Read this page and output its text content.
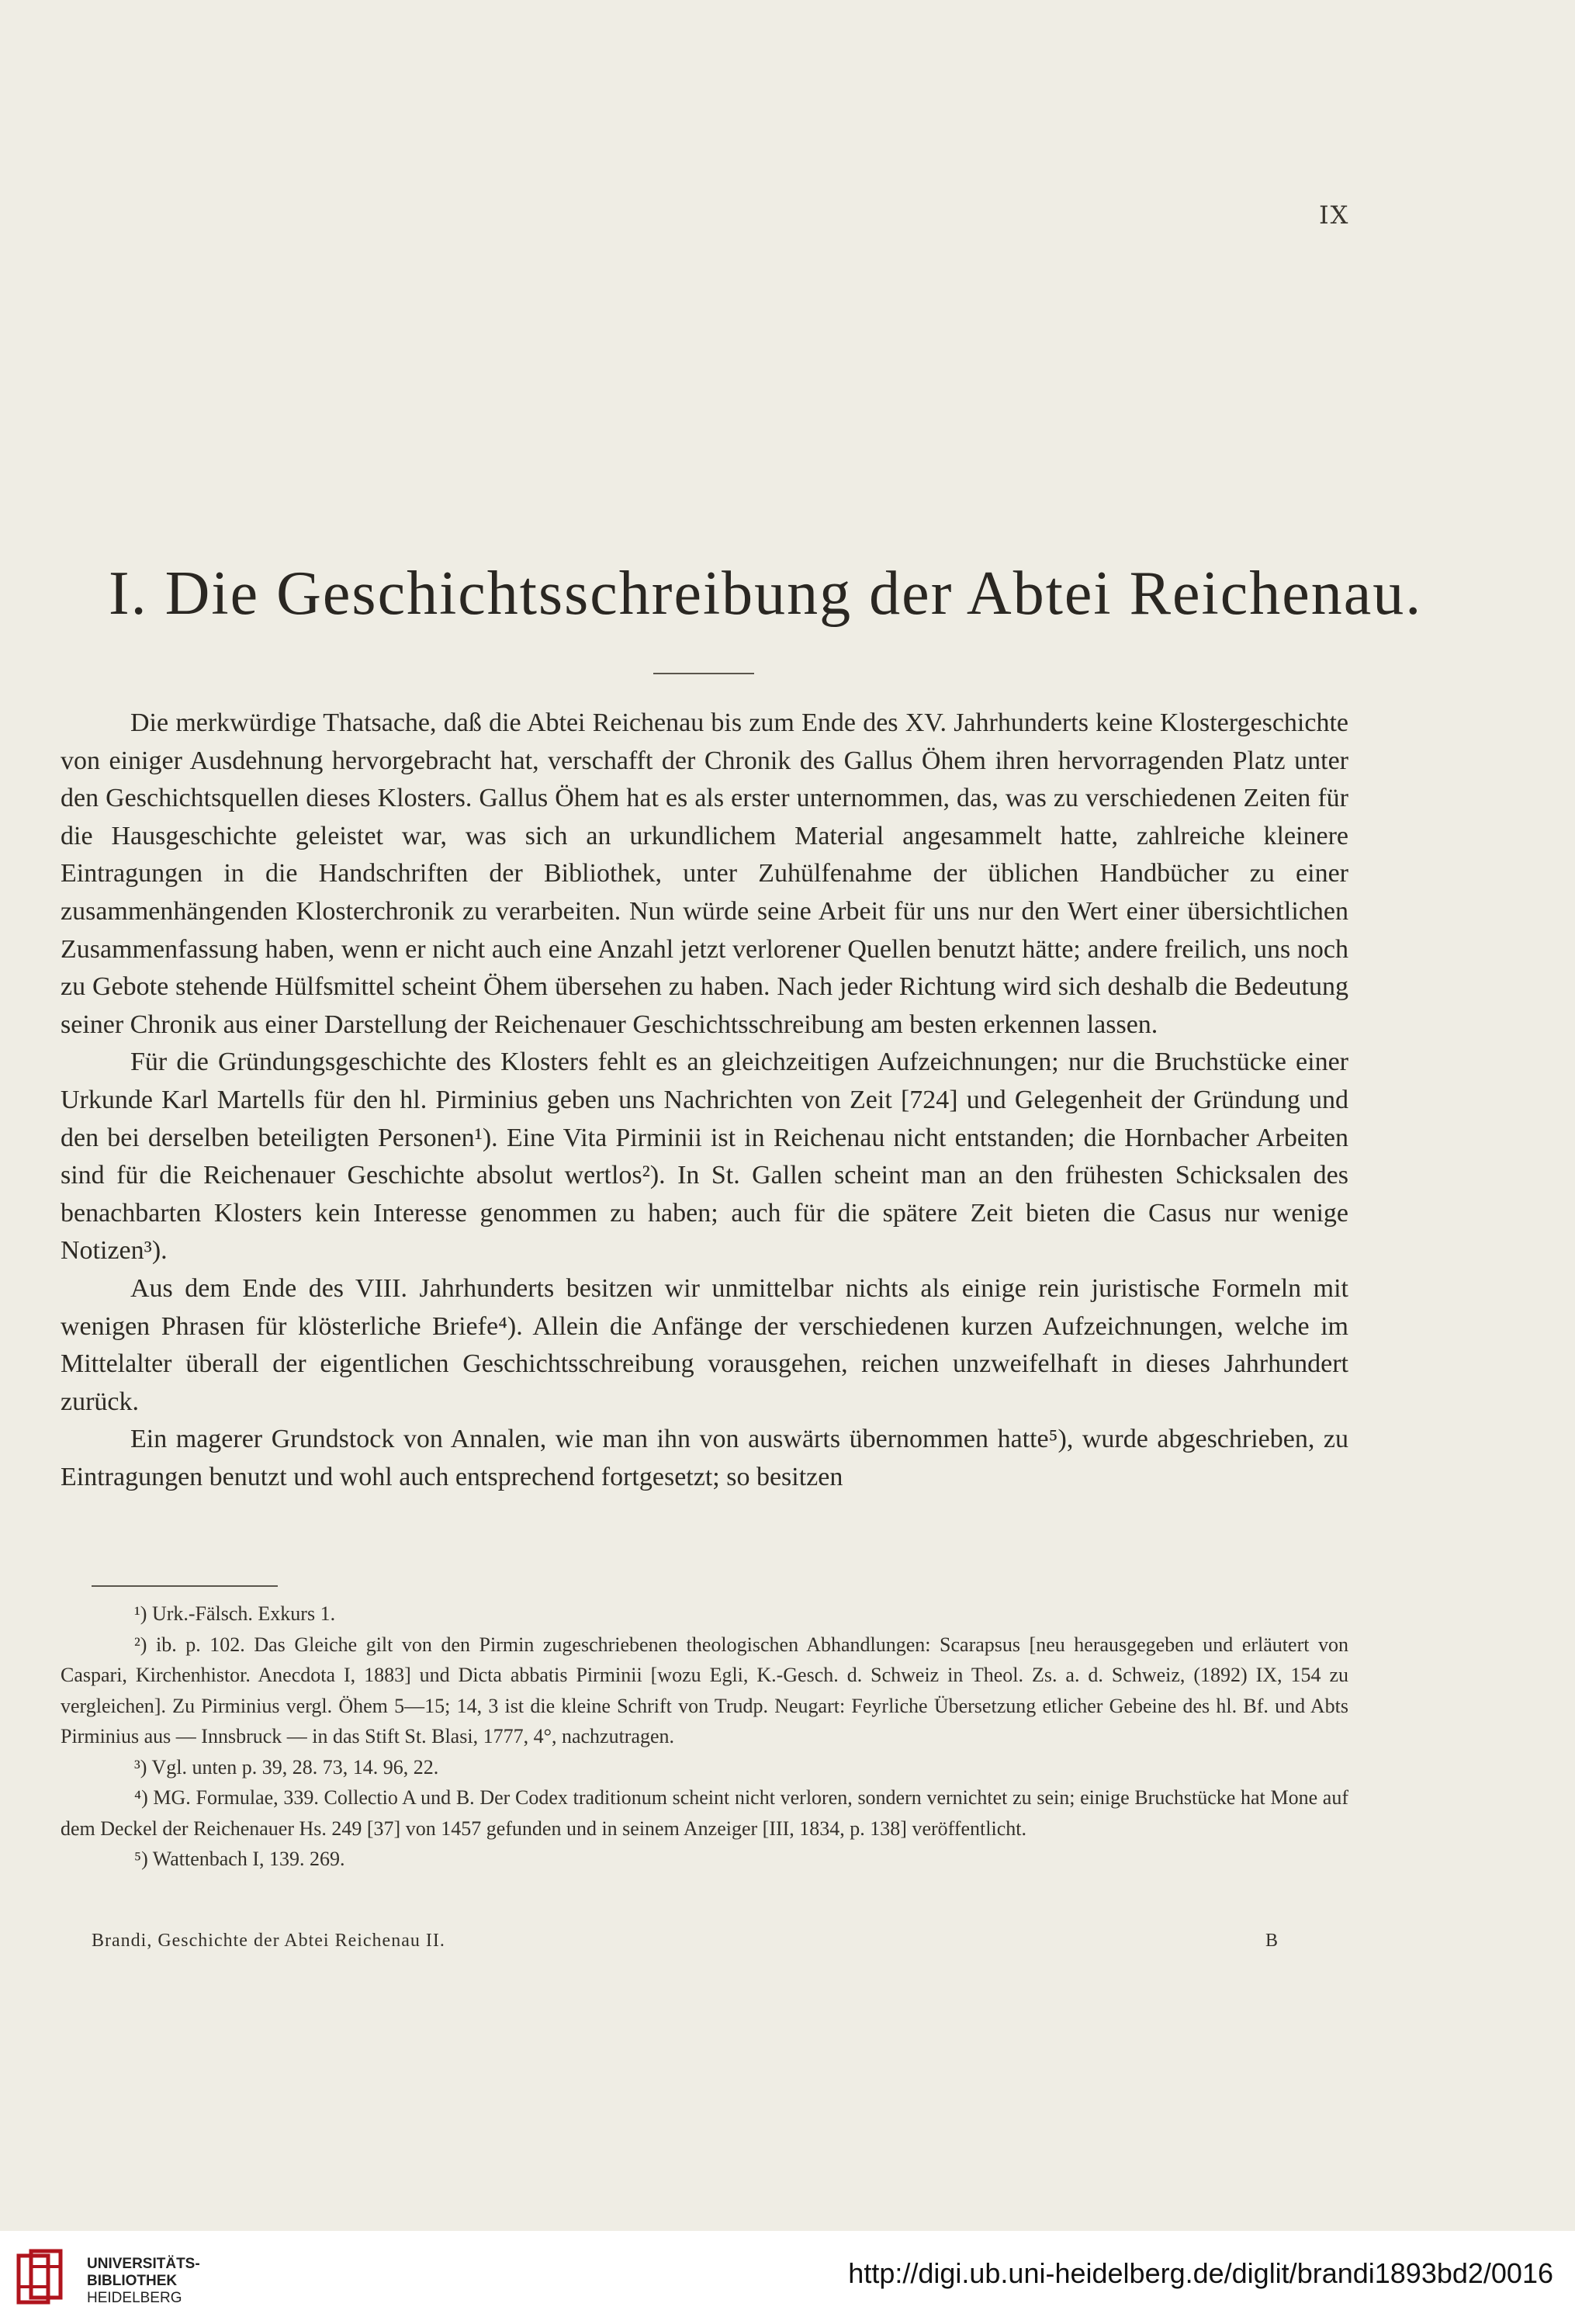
IX
I. Die Geschichtsschreibung der Abtei Reichenau.

Die merkwürdige Thatsache, daß die Abtei Reichenau bis zum Ende des XV. Jahrhunderts keine Klostergeschichte von einiger Ausdehnung hervorgebracht hat, verschafft der Chronik des Gallus Öhem ihren hervorragenden Platz unter den Geschichtsquellen dieses Klosters. Gallus Öhem hat es als erster unternommen, das, was zu verschiedenen Zeiten für die Hausgeschichte geleistet war, was sich an urkundlichem Material angesammelt hatte, zahlreiche kleinere Eintragungen in die Handschriften der Bibliothek, unter Zuhülfenahme der üblichen Handbücher zu einer zusammenhängenden Klosterchronik zu verarbeiten. Nun würde seine Arbeit für uns nur den Wert einer übersichtlichen Zusammenfassung haben, wenn er nicht auch eine Anzahl jetzt verlorener Quellen benutzt hätte; andere freilich, uns noch zu Gebote stehende Hülfsmittel scheint Öhem übersehen zu haben. Nach jeder Richtung wird sich deshalb die Bedeutung seiner Chronik aus einer Darstellung der Reichenauer Geschichtsschreibung am besten erkennen lassen.

Für die Gründungsgeschichte des Klosters fehlt es an gleichzeitigen Aufzeichnungen; nur die Bruchstücke einer Urkunde Karl Martells für den hl. Pirminius geben uns Nachrichten von Zeit [724] und Gelegenheit der Gründung und den bei derselben beteiligten Personen¹). Eine Vita Pirminii ist in Reichenau nicht entstanden; die Hornbacher Arbeiten sind für die Reichenauer Geschichte absolut wertlos²). In St. Gallen scheint man an den frühesten Schicksalen des benachbarten Klosters kein Interesse genommen zu haben; auch für die spätere Zeit bieten die Casus nur wenige Notizen³).

Aus dem Ende des VIII. Jahrhunderts besitzen wir unmittelbar nichts als einige rein juristische Formeln mit wenigen Phrasen für klösterliche Briefe⁴). Allein die Anfänge der verschiedenen kurzen Aufzeichnungen, welche im Mittelalter überall der eigentlichen Geschichtsschreibung vorausgehen, reichen unzweifelhaft in dieses Jahrhundert zurück.

Ein magerer Grundstock von Annalen, wie man ihn von auswärts übernommen hatte⁵), wurde abgeschrieben, zu Eintragungen benutzt und wohl auch entsprechend fortgesetzt; so besitzen

¹) Urk.-Fälsch. Exkurs 1.

²) ib. p. 102. Das Gleiche gilt von den Pirmin zugeschriebenen theologischen Abhandlungen: Scarapsus [neu herausgegeben und erläutert von Caspari, Kirchenhistor. Anecdota I, 1883] und Dicta abbatis Pirminii [wozu Egli, K.-Gesch. d. Schweiz in Theol. Zs. a. d. Schweiz, (1892) IX, 154 zu vergleichen]. Zu Pirminius vergl. Öhem 5—15; 14, 3 ist die kleine Schrift von Trudp. Neugart: Feyrliche Übersetzung etlicher Gebeine des hl. Bf. und Abts Pirminius aus — Innsbruck — in das Stift St. Blasi, 1777, 4°, nachzutragen.

³) Vgl. unten p. 39, 28. 73, 14. 96, 22.

⁴) MG. Formulae, 339. Collectio A und B. Der Codex traditionum scheint nicht verloren, sondern vernichtet zu sein; einige Bruchstücke hat Mone auf dem Deckel der Reichenauer Hs. 249 [37] von 1457 gefunden und in seinem Anzeiger [III, 1834, p. 138] veröffentlicht.

⁵) Wattenbach I, 139. 269.

Brandi, Geschichte der Abtei Reichenau II.	B
UNIVERSITÄTS-
BIBLIOTHEK
HEIDELBERG
http://digi.ub.uni-heidelberg.de/diglit/brandi1893bd2/0016
